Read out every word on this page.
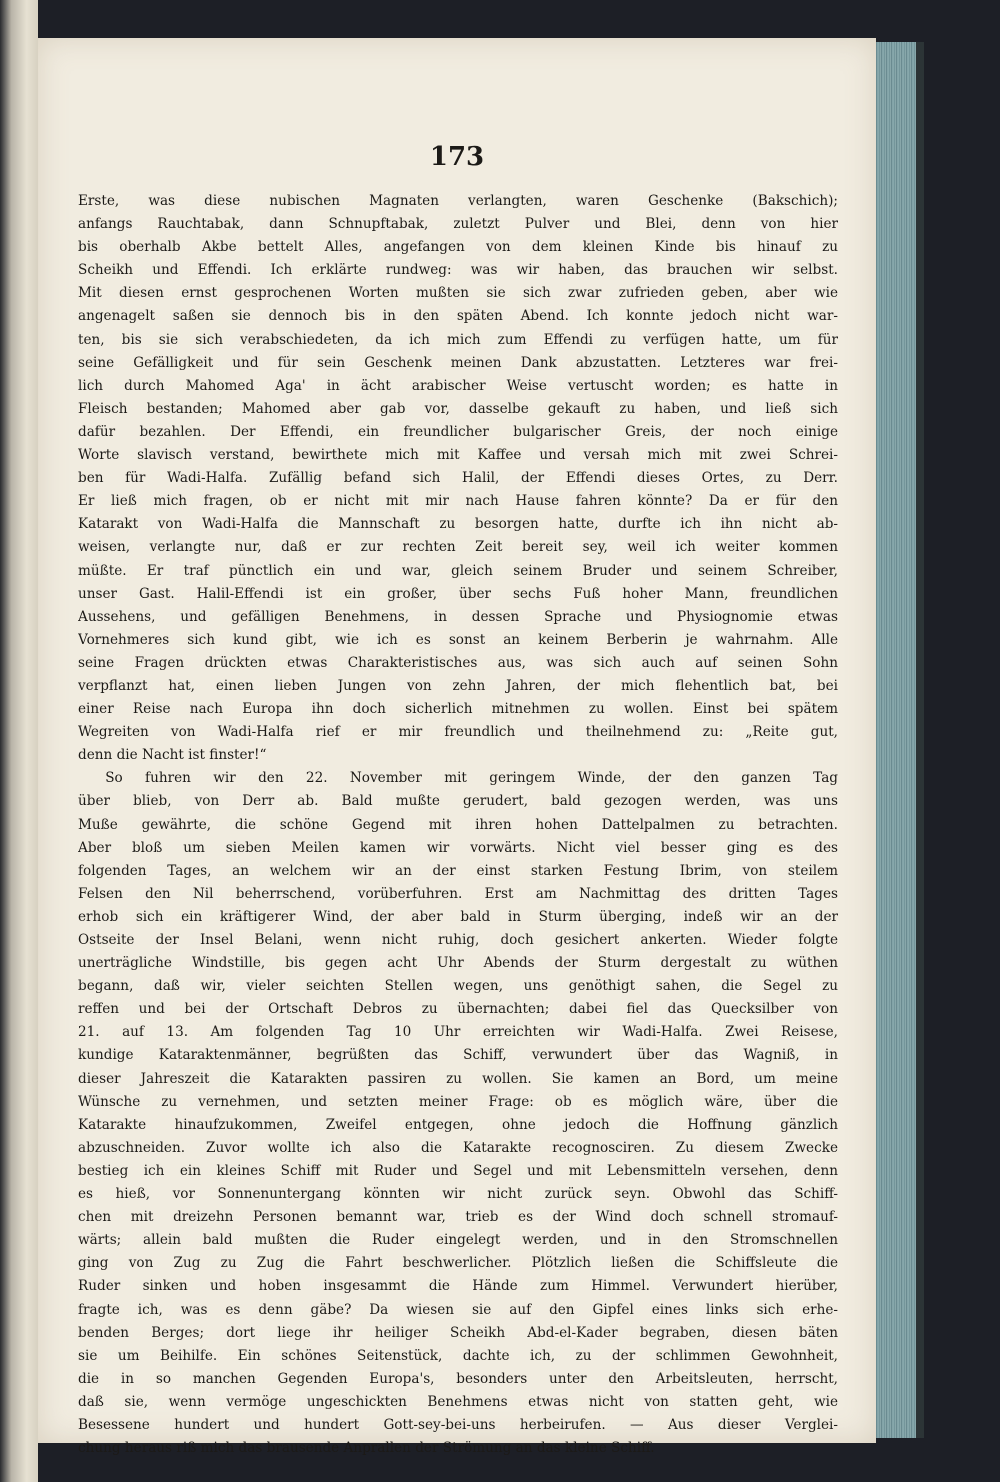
173
Erste, was diese nubischen Magnaten verlangten, waren Geschenke (Bakschich);
anfangs Rauchtabak, dann Schnupftabak, zuletzt Pulver und Blei, denn von hier
bis oberhalb Akbe bettelt Alles, angefangen von dem kleinen Kinde bis hinauf zu
Scheikh und Effendi. Ich erklärte rundweg: was wir haben, das brauchen wir selbst.
Mit diesen ernst gesprochenen Worten mußten sie sich zwar zufrieden geben, aber wie
angenagelt saßen sie dennoch bis in den späten Abend. Ich konnte jedoch nicht war-
ten, bis sie sich verabschiedeten, da ich mich zum Effendi zu verfügen hatte, um für
seine Gefälligkeit und für sein Geschenk meinen Dank abzustatten. Letzteres war frei-
lich durch Mahomed Aga' in ächt arabischer Weise vertuscht worden; es hatte in
Fleisch bestanden; Mahomed aber gab vor, dasselbe gekauft zu haben, und ließ sich
dafür bezahlen. Der Effendi, ein freundlicher bulgarischer Greis, der noch einige
Worte slavisch verstand, bewirthete mich mit Kaffee und versah mich mit zwei Schrei-
ben für Wadi-Halfa. Zufällig befand sich Halil, der Effendi dieses Ortes, zu Derr.
Er ließ mich fragen, ob er nicht mit mir nach Hause fahren könnte? Da er für den
Katarakt von Wadi-Halfa die Mannschaft zu besorgen hatte, durfte ich ihn nicht ab-
weisen, verlangte nur, daß er zur rechten Zeit bereit sey, weil ich weiter kommen
müßte. Er traf pünctlich ein und war, gleich seinem Bruder und seinem Schreiber,
unser Gast. Halil-Effendi ist ein großer, über sechs Fuß hoher Mann, freundlichen
Aussehens, und gefälligen Benehmens, in dessen Sprache und Physiognomie etwas
Vornehmeres sich kund gibt, wie ich es sonst an keinem Berberin je wahrnahm. Alle
seine Fragen drückten etwas Charakteristisches aus, was sich auch auf seinen Sohn
verpflanzt hat, einen lieben Jungen von zehn Jahren, der mich flehentlich bat, bei
einer Reise nach Europa ihn doch sicherlich mitnehmen zu wollen. Einst bei spätem
Wegreiten von Wadi-Halfa rief er mir freundlich und theilnehmend zu: „Reite gut,
denn die Nacht ist finster!“
So fuhren wir den 22. November mit geringem Winde, der den ganzen Tag
über blieb, von Derr ab. Bald mußte gerudert, bald gezogen werden, was uns
Muße gewährte, die schöne Gegend mit ihren hohen Dattelpalmen zu betrachten.
Aber bloß um sieben Meilen kamen wir vorwärts. Nicht viel besser ging es des
folgenden Tages, an welchem wir an der einst starken Festung Ibrim, von steilem
Felsen den Nil beherrschend, vorüberfuhren. Erst am Nachmittag des dritten Tages
erhob sich ein kräftigerer Wind, der aber bald in Sturm überging, indeß wir an der
Ostseite der Insel Belani, wenn nicht ruhig, doch gesichert ankerten. Wieder folgte
unerträgliche Windstille, bis gegen acht Uhr Abends der Sturm dergestalt zu wüthen
begann, daß wir, vieler seichten Stellen wegen, uns genöthigt sahen, die Segel zu
reffen und bei der Ortschaft Debros zu übernachten; dabei fiel das Quecksilber von
21. auf 13. Am folgenden Tag 10 Uhr erreichten wir Wadi-Halfa. Zwei Reisese,
kundige Kataraktenmänner, begrüßten das Schiff, verwundert über das Wagniß, in
dieser Jahreszeit die Katarakten passiren zu wollen. Sie kamen an Bord, um meine
Wünsche zu vernehmen, und setzten meiner Frage: ob es möglich wäre, über die
Katarakte hinaufzukommen, Zweifel entgegen, ohne jedoch die Hoffnung gänzlich
abzuschneiden. Zuvor wollte ich also die Katarakte recognosciren. Zu diesem Zwecke
bestieg ich ein kleines Schiff mit Ruder und Segel und mit Lebensmitteln versehen, denn
es hieß, vor Sonnenuntergang könnten wir nicht zurück seyn. Obwohl das Schiff-
chen mit dreizehn Personen bemannt war, trieb es der Wind doch schnell stromauf-
wärts; allein bald mußten die Ruder eingelegt werden, und in den Stromschnellen
ging von Zug zu Zug die Fahrt beschwerlicher. Plötzlich ließen die Schiffsleute die
Ruder sinken und hoben insgesammt die Hände zum Himmel. Verwundert hierüber,
fragte ich, was es denn gäbe? Da wiesen sie auf den Gipfel eines links sich erhe-
benden Berges; dort liege ihr heiliger Scheikh Abd-el-Kader begraben, diesen bäten
sie um Beihilfe. Ein schönes Seitenstück, dachte ich, zu der schlimmen Gewohnheit,
die in so manchen Gegenden Europa's, besonders unter den Arbeitsleuten, herrscht,
daß sie, wenn vermöge ungeschickten Benehmens etwas nicht von statten geht, wie
Besessene hundert und hundert Gott-sey-bei-uns herbeirufen. — Aus dieser Verglei-
chung heraus riß mich das brausende Anprallen der Strömung an das kleine Schiff.
